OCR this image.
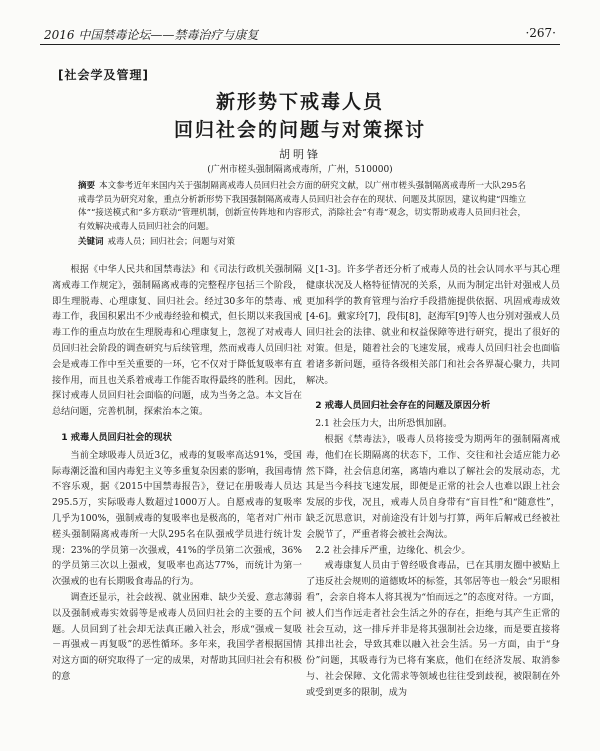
2016 中国禁毒论坛——禁毒治疗与康复	·267·
[社会学及管理]
新形势下戒毒人员
回归社会的问题与对策探讨
胡明锋
(广州市槎头强制隔离戒毒所，广州，510000)
摘要 本文参考近年来国内关于强制隔离戒毒人员回归社会方面的研究文献，以广州市槎头强制隔离戒毒所一大队295名戒毒学员为研究对象，重点分析新形势下我国强制隔离戒毒人员回归社会存在的现状、问题及其原因，建议构建“四维立体”“接送模式和”多方联动“管理机制，创新宣传阵地和内容形式，消除社会”有毒”观念，切实帮助戒毒人员回归社会，有效解决戒毒人员回归社会的问题。
关键词 戒毒人员；回归社会；问题与对策

根据《中华人民共和国禁毒法》和《司法行政机关强制隔离戒毒工作规定》，强制隔离戒毒的完整程序包括三个阶段，即生理脱毒、心理康复、回归社会。经过30多年的禁毒、戒毒工作，我国积累出不少戒毒经验和模式，但长期以来我国戒毒工作的重点均放在生理脱毒和心理康复上，忽视了对戒毒人员回归社会阶段的调查研究与后续管理，然而戒毒人员回归社会是戒毒工作中至关重要的一环，它不仅对于降低复吸率有直接作用，而且也关系着戒毒工作能否取得最终的胜利。因此，探讨戒毒人员回归社会面临的问题，成为当务之急。本文旨在总结问题，完善机制，探索治本之策。

1 戒毒人员回归社会的现状

当前全球吸毒人员近3亿，戒毒的复吸率高达91%，受国际毒潮泛滥和国内毒犯主义等多重复杂因素的影响，我国毒情不容乐观，据《2015中国禁毒报告》，登记在册吸毒人员达295.5万，实际吸毒人数超过1000万人。自愿戒毒的复吸率几乎为100%，强制戒毒的复吸率也是极高的，笔者对广州市槎头强制隔离戒毒所一大队295名在队强戒学员进行统计发现：23%的学员第一次强戒，41%的学员第二次强戒，36%的学员第三次以上强戒，复吸率也高达77%，而统计为第一次强戒的也有长期吸食毒品的行为。

调查还显示，社会歧视、就业困难、缺少关爱、意志薄弱以及强制戒毒实效弱等是戒毒人员回归社会的主要的五个问题。人员回到了社会却无法真正融入社会，形成“强戒－复吸－再强戒－再复吸”的恶性循环。多年来，我国学者根据国情对这方面的研究取得了一定的成果，对帮助其回归社会有积极的意

义[1-3]。许多学者还分析了戒毒人员的社会认同水平与其心理健康状况及人格特征情况的关系，从而为制定出针对强戒人员更加科学的教育管理与治疗手段措施提供依据、巩固戒毒成效[4-6]。戴家玲[7]，段伟[8]，赵海军[9]等人也分别对强戒人员回归社会的法律、就业和权益保障等进行研究，提出了很好的对策。但是，随着社会的飞速发展，戒毒人员回归社会也面临着诸多新问题，亟待各级相关部门和社会各界凝心聚力，共同解决。

2 戒毒人员回归社会存在的问题及原因分析
2.1 社会压力大，出所恐惧加剧。

根据《禁毒法》，吸毒人员将接受为期两年的强制隔离戒毒，他们在长期隔离的状态下，工作、交往和社会适应能力必然下降，社会信息闭塞，离墙内难以了解社会的发展动态，尤其是当今科技飞速发展，即便是正常的社会人也难以跟上社会发展的步伐，况且，戒毒人员自身带有“盲目性”和“随意性”，缺乏沉思意识，对前途没有计划与打算，两年后解戒已经被社会脱节了，严重者将会被社会淘汰。

2.2 社会排斥严重，边缘化、机会少。

戒毒康复人员由于曾经吸食毒品，已在其朋友圈中被贴上了违反社会规则的道德败坏的标签，其邻居等也一般会“另眼相看”，会亲自将本人将其视为“怕而远之”的态度对待。一方面，被人们当作远走者社会生活之外的存在，拒绝与其产生正常的社会互动，这一排斥并非是将其强制社会边缘，而是要直接将其排出社会，导致其难以融入社会生活。另一方面，由于“身份”问题，其吸毒行为已将有案底，他们在经济发展、取消参与、社会保障、文化需求等领域也往往受到歧视，被限制在外或受到更多的限制，成为
